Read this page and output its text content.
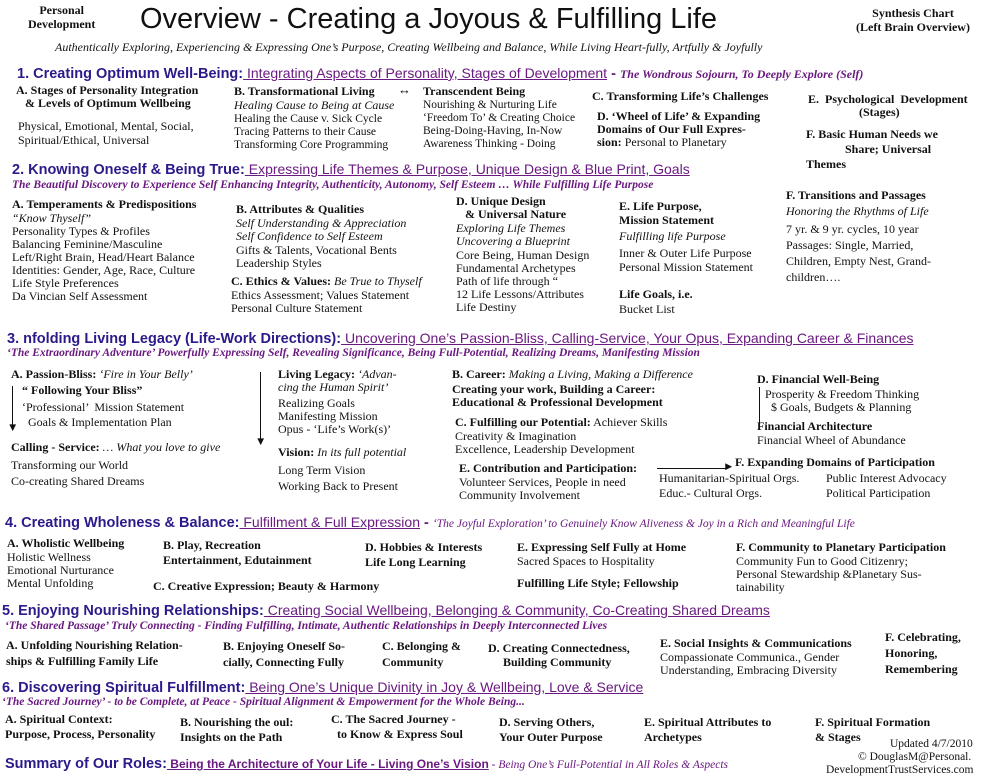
Personal
Development Overview - Creating a Joyous & Fulfilling Life	Synthesis Chart
(Left Brain Overview)
Authentically Exploring, Experiencing & Expressing One’s Purpose, Creating Wellbeing and Balance, While Living Heart-fully, Artfully & Joyfully
1. Creating Optimum Well-Being: Integrating Aspects of Personality, Stages of Development - The Wondrous Sojourn, To Deeply Explore (Self)
A. Stages of Personality Integration
& Levels of Optimum Wellbeing
Physical, Emotional, Mental, Social,
Spiritual/Ethical, Universal
B. Transformational Living ↔
Healing Cause to Being at Cause
Healing the Cause v. Sick Cycle
Tracing Patterns to their Cause
Transforming Core Programming
Transcendent Being
Nourishing & Nurturing Life
‘Freedom To’ & Creating Choice
Being-Doing-Having, In-Now
Awareness Thinking - Doing
C. Transforming Life’s Challenges
D. ‘Wheel of Life’ & Expanding
Domains of Our Full Expres-
sion: Personal to Planetary
E.  Psychological  Development
(Stages)
F. Basic Human Needs we
Share; Universal
Themes
2. Knowing Oneself & Being True: Expressing Life Themes & Purpose, Unique Design & Blue Print, Goals
The Beautiful Discovery to Experience Self Enhancing Integrity, Authenticity, Autonomy, Self Esteem … While Fulfilling Life Purpose
A. Temperaments & Predispositions
“Know Thyself”
Personality Types & Profiles
Balancing Feminine/Masculine
Left/Right Brain, Head/Heart Balance
Identities: Gender, Age, Race, Culture
Life Style Preferences
Da Vincian Self Assessment
B. Attributes & Qualities
Self Understanding & Appreciation
Self Confidence to Self Esteem
Gifts & Talents, Vocational Bents
Leadership Styles
C. Ethics & Values: Be True to Thyself
Ethics Assessment; Values Statement
Personal Culture Statement
D. Unique Design
& Universal Nature
Exploring Life Themes
Uncovering a Blueprint
Core Being, Human Design
Fundamental Archetypes
Path of life through “
12 Life Lessons/Attributes
Life Destiny
E. Life Purpose,
Mission Statement
Fulfilling life Purpose
Inner & Outer Life Purpose
Personal Mission Statement
Life Goals, i.e.
Bucket List
F. Transitions and Passages
Honoring the Rhythms of Life
7 yr. & 9 yr. cycles, 10 year
Passages: Single, Married,
Children, Empty Nest, Grand-
children….
3. nfolding Living Legacy (Life-Work Directions): Uncovering One’s Passion-Bliss, Calling-Service, Your Opus, Expanding Career & Finances
‘The Extraordinary Adventure’ Powerfully Expressing Self, Revealing Significance, Being Full-Potential, Realizing Dreams, Manifesting Mission
A. Passion-Bliss: ‘Fire in Your Belly’
“ Following Your Bliss”
‘Professional’  Mission Statement
Goals & Implementation Plan
▼
Calling - Service: … What you love to give
Transforming our World
Co-creating Shared Dreams
▼
Living Legacy: ‘Advan-
cing the Human Spirit’
Realizing Goals
Manifesting Mission
Opus - ‘Life’s Work(s)’
Vision: In its full potential
Long Term Vision
Working Back to Present
B. Career: Making a Living, Making a Difference
Creating your work, Building a Career:
Educational & Professional Development
C. Fulfilling our Potential: Achiever Skills
Creativity & Imagination
Excellence, Leadership Development
E. Contribution and Participation:
Volunteer Services, People in need
Community Involvement
D. Financial Well-Being
Prosperity & Freedom Thinking
$ Goals, Budgets & Planning
Financial Architecture
Financial Wheel of Abundance
► F. Expanding Domains of Participation
Humanitarian-Spiritual Orgs.
Educ.- Cultural Orgs.
Public Interest Advocacy
Political Participation
4. Creating Wholeness & Balance: Fulfillment & Full Expression - ‘The Joyful Exploration’ to Genuinely Know Aliveness & Joy in a Rich and Meaningful Life
A. Wholistic Wellbeing
Holistic Wellness
Emotional Nurturance
Mental Unfolding
B. Play, Recreation
Entertainment, Edutainment
C. Creative Expression; Beauty & Harmony
D. Hobbies & Interests
Life Long Learning
E. Expressing Self Fully at Home
Sacred Spaces to Hospitality
Fulfilling Life Style; Fellowship
F. Community to Planetary Participation
Community Fun to Good Citizenry;
Personal Stewardship &Planetary Sus-
tainability
5. Enjoying Nourishing Relationships: Creating Social Wellbeing, Belonging & Community, Co-Creating Shared Dreams
‘The Shared Passage’ Truly Connecting - Finding Fulfilling, Intimate, Authentic Relationships in Deeply Interconnected Lives
A. Unfolding Nourishing Relation-
ships & Fulfilling Family Life
B. Enjoying Oneself So-
cially, Connecting Fully
C. Belonging &
Community
D. Creating Connectedness,
Building Community
E. Social Insights & Communications
Compassionate Communica., Gender
Understanding, Embracing Diversity
F. Celebrating,
Honoring,
Remembering
6. Discovering Spiritual Fulfillment: Being One’s Unique Divinity in Joy & Wellbeing, Love & Service
‘The Sacred Journey’ - to be Complete, at Peace - Spiritual Alignment & Empowerment for the Whole Being...
A. Spiritual Context:
Purpose, Process, Personality
B. Nourishing the oul:
Insights on the Path
C. The Sacred Journey -
to Know & Express Soul
D. Serving Others,
Your Outer Purpose
E. Spiritual Attributes to
Archetypes
F. Spiritual Formation
& Stages
Summary of Our Roles: Being the Architecture of Your Life - Living One’s Vision - Being One’s Full-Potential in All Roles & Aspects
Updated 4/7/2010
© DouglasM@Personal.
DevelopmentTrustServices.com
